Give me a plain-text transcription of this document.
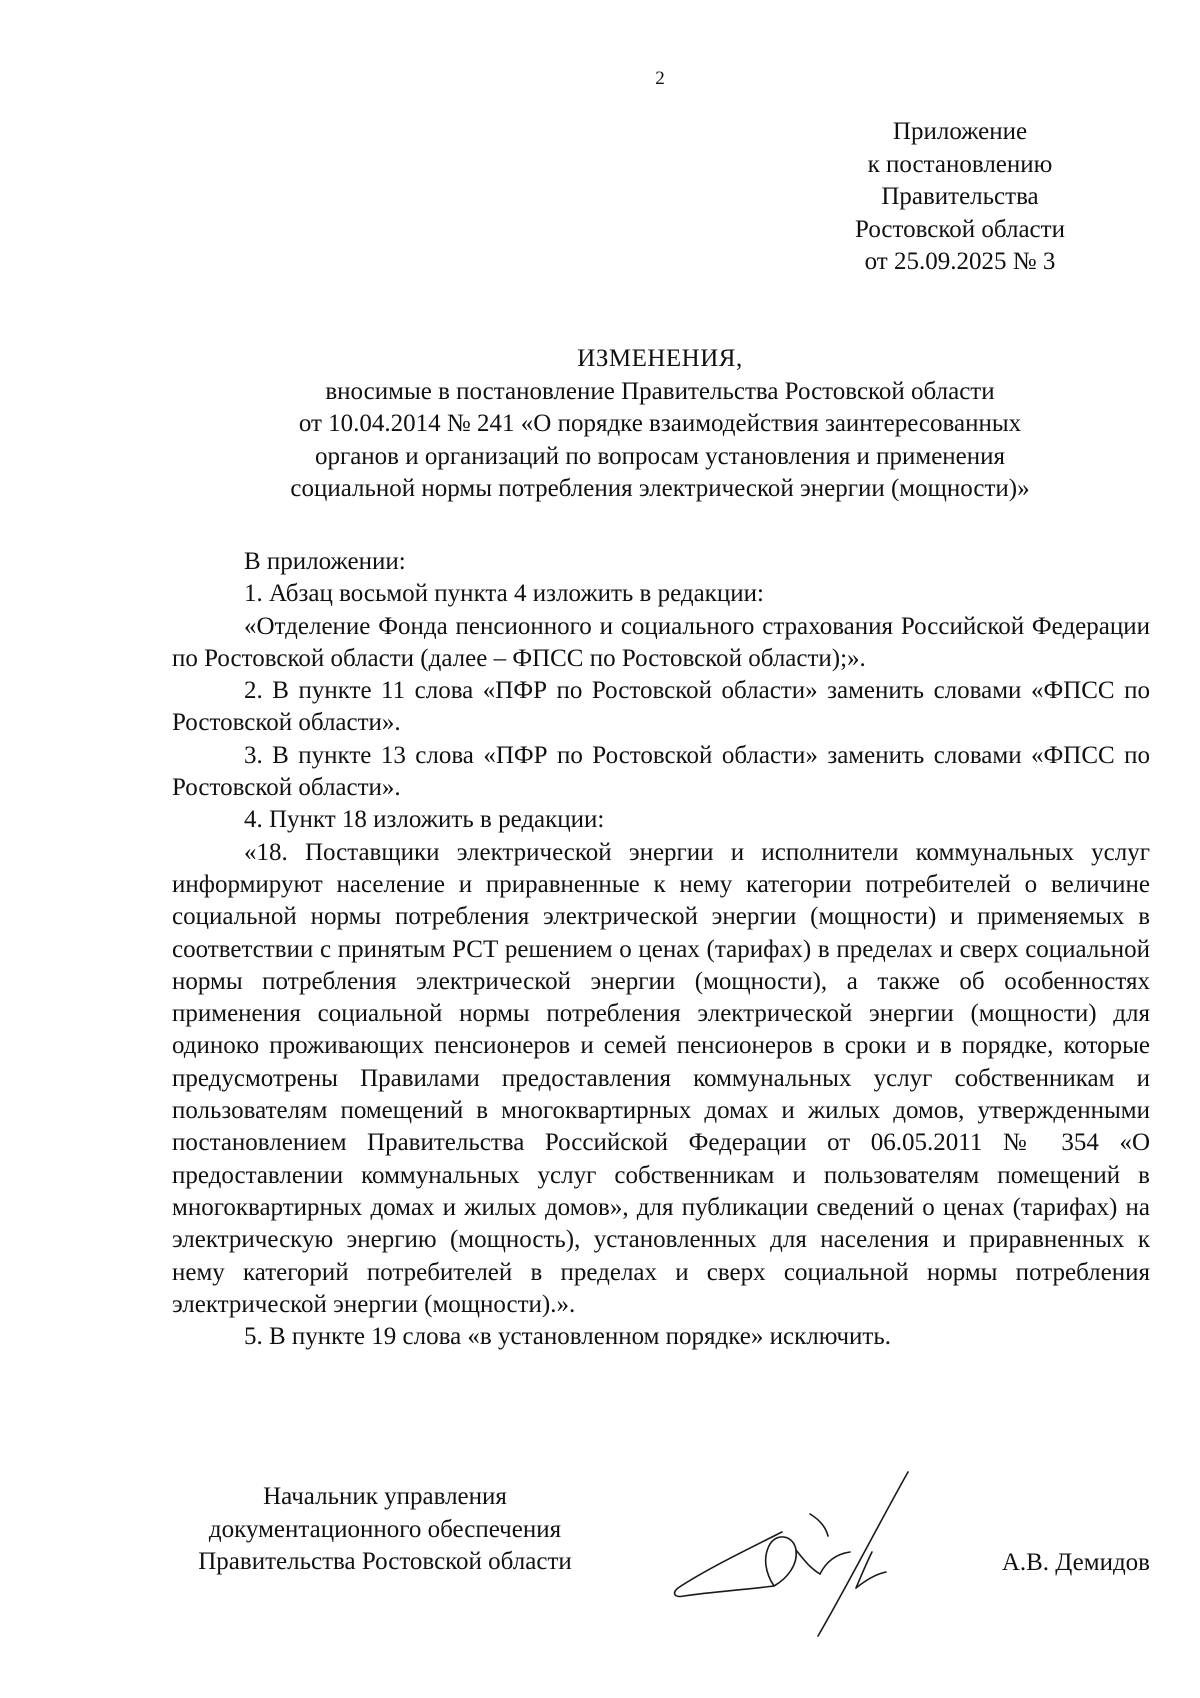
2
Приложение
к постановлению
Правительства
Ростовской области
от 25.09.2025 № 3
ИЗМЕНЕНИЯ,
вносимые в постановление Правительства Ростовской области
от 10.04.2014 № 241 «О порядке взаимодействия заинтересованных
органов и организаций по вопросам установления и применения
социальной нормы потребления электрической энергии (мощности)»

В приложении:

1. Абзац восьмой пункта 4 изложить в редакции:

«Отделение Фонда пенсионного и социального страхования Российской Федерации по Ростовской области (далее – ФПСС по Ростовской области);».

2. В пункте 11 слова «ПФР по Ростовской области» заменить словами «ФПСС по Ростовской области».

3. В пункте 13 слова «ПФР по Ростовской области» заменить словами «ФПСС по Ростовской области».

4. Пункт 18 изложить в редакции:

«18. Поставщики электрической энергии и исполнители коммунальных услуг информируют население и приравненные к нему категории потребителей о величине социальной нормы потребления электрической энергии (мощности) и применяемых в соответствии с принятым РСТ решением о ценах (тарифах) в пределах и сверх социальной нормы потребления электрической энергии (мощности), а также об особенностях применения социальной нормы потребления электрической энергии (мощности) для одиноко проживающих пенсионеров и семей пенсионеров в сроки и в порядке, которые предусмотрены Правилами предоставления коммунальных услуг собственникам и пользователям помещений в многоквартирных домах и жилых домов, утвержденными постановлением Правительства Российской Федерации от 06.05.2011 № 354 «О предоставлении коммунальных услуг собственникам и пользователям помещений в многоквартирных домах и жилых домов», для публикации сведений о ценах (тарифах) на электрическую энергию (мощность), установленных для населения и приравненных к нему категорий потребителей в пределах и сверх социальной нормы потребления электрической энергии (мощности).».

5. В пункте 19 слова «в установленном порядке» исключить.

Начальник управления
документационного обеспечения
Правительства Ростовской области	А.В. Демидов
